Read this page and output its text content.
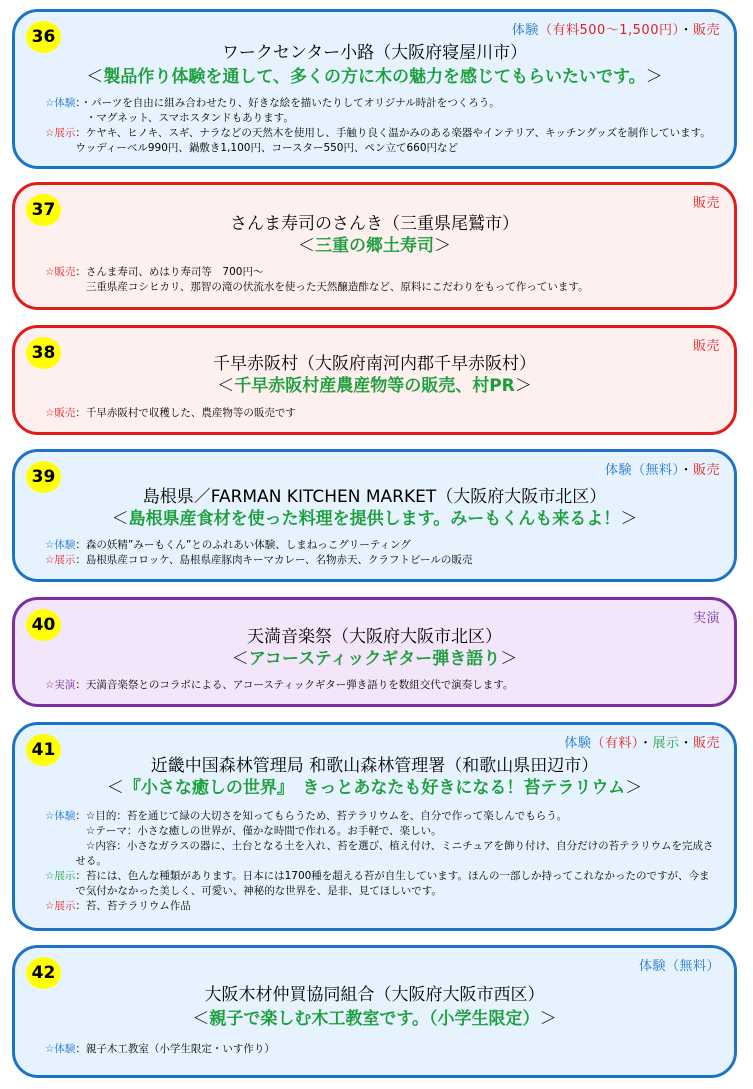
36	体験（有料500～1,500円）・販売
ワークセンター小路（大阪府寝屋川市）
＜製品作り体験を通して、多くの方に木の魅力を感じてもらいたいです。＞
☆体験 ：・パーツを自由に組み合わせたり、好きな絵を描いたりしてオリジナル時計をつくろう。
　・マグネット、スマホスタンドもあります。
☆展示 ：ケヤキ、ヒノキ、スギ、ナラなどの天然木を使用し、手触り良く温かみのある楽器やインテリア、キッチングッズを制作しています。ウッディーベル990円、鍋敷き1,100円、コースター550円、ペン立て660円など
37	販売
さんま寿司のさんき（三重県尾鷲市）
＜三重の郷土寿司＞
☆販売 ：さんま寿司、めはり寿司等　700円～
　三重県産コシヒカリ、那智の滝の伏流水を使った天然醸造酢など、原料にこだわりをもって作っています。
38	販売
千早赤阪村（大阪府南河内郡千早赤阪村）
＜千早赤阪村産農産物等の販売、村PR＞
☆販売 ：千早赤阪村で収穫した、農産物等の販売です
39	体験（無料）・販売
島根県／FARMAN KITCHEN MARKET（大阪府大阪市北区）
＜島根県産食材を使った料理を提供します。みーもくんも来るよ！＞
☆体験 ：森の妖精”みーもくん”とのふれあい体験、しまねっこグリーティング
☆展示 ：島根県産コロッケ、島根県産豚肉キーマカレー、名物赤天、クラフトビールの販売
40	実演
天満音楽祭（大阪府大阪市北区）
＜アコースティックギター弾き語り＞
☆実演 ：天満音楽祭とのコラボによる、アコースティックギター弾き語りを数組交代で演奏します。
41	体験（有料）・展示・販売
近畿中国森林管理局 和歌山森林管理署（和歌山県田辺市）
＜『小さな癒しの世界』　きっとあなたも好きになる！苔テラリウム＞
☆体験 ：☆目的：苔を通じて緑の大切さを知ってもらうため、苔テラリウムを、自分で作って楽しんでもらう。
　☆テーマ：小さな癒しの世界が、僅かな時間で作れる。お手軽で、楽しい。
　☆内容：小さなガラスの器に、土台となる土を入れ、苔を選び、植え付け、ミニチュアを飾り付け、自分だけの苔テラリウムを完成させる。
☆展示 ：苔には、色んな種類があります。日本には1700種を超える苔が自生しています。ほんの一部しか持ってこれなかったのですが、今まで気付かなかった美しく、可愛い、神秘的な世界を、是非、見てほしいです。
☆展示 ：苔、苔テラリウム作品
42	体験（無料）
大阪木材仲買協同組合（大阪府大阪市西区）
＜親子で楽しむ木工教室です。（小学生限定）＞
☆体験 ：親子木工教室（小学生限定・いす作り）
